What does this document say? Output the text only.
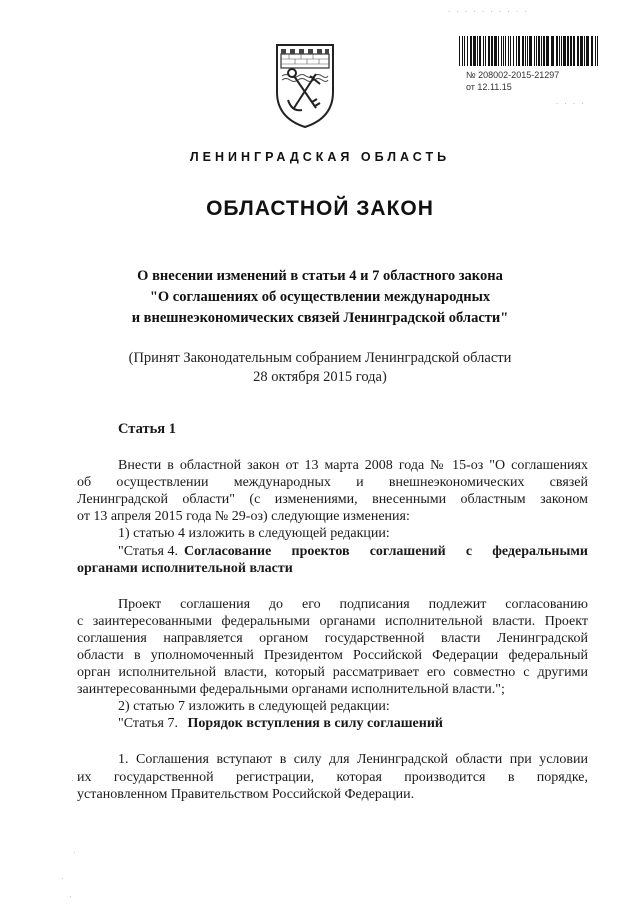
. . . . . . . . . .
. . . .
№ 208002-2015-21297
от 12.11.15
ЛЕНИНГРАДСКАЯ ОБЛАСТЬ
ОБЛАСТНОЙ ЗАКОН
О внесении изменений в статьи 4 и 7 областного закона
"О соглашениях об осуществлении международных
и внешнеэкономических связей Ленинградской области"
(Принят Законодательным собранием Ленинградской области
28 октября 2015 года)
Статья 1
Внести в областной закон от 13 марта 2008 года № 15-оз "О соглашениях
об осуществлении международных и внешнеэкономических связей
Ленинградской области" (с изменениями, внесенными областным законом
от 13 апреля 2015 года № 29-оз) следующие изменения:
1) статью 4 изложить в следующей редакции:
"Статья 4. Согласование проектов соглашений с федеральными
органами исполнительной власти
Проект соглашения до его подписания подлежит согласованию
с заинтересованными федеральными органами исполнительной власти. Проект
соглашения направляется органом государственной власти Ленинградской
области в уполномоченный Президентом Российской Федерации федеральный
орган исполнительной власти, который рассматривает его совместно с другими
заинтересованными федеральными органами исполнительной власти.";
2) статью 7 изложить в следующей редакции:
"Статья 7. Порядок вступления в силу соглашений
1. Соглашения вступают в силу для Ленинградской области при условии
их государственной регистрации, которая производится в порядке,
установленном Правительством Российской Федерации.
